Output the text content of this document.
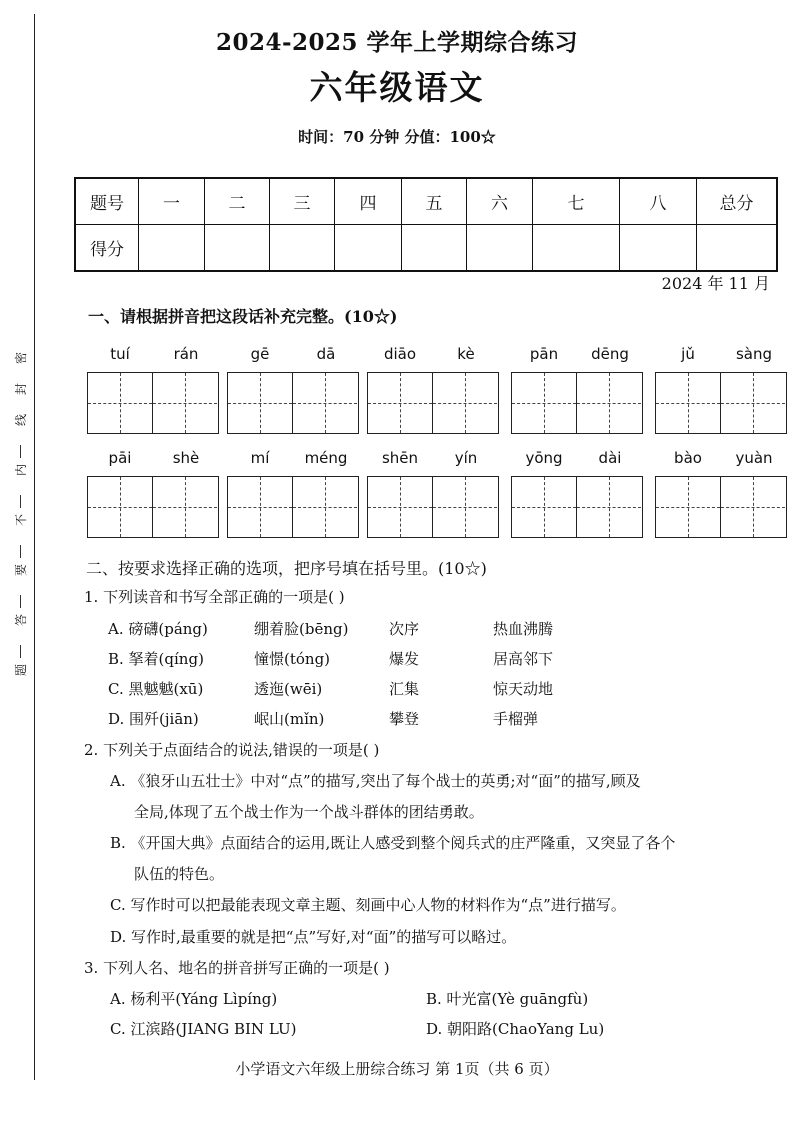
密
封
线
内
不
要
答
题
2024-2025 学年上学期综合练习
六年级语文
时间：70 分钟 分值：100☆
题号	一	二	三	四	五	六	七	八	总分
得分									
2024 年 11 月
一、请根据拼音把这段话补充完整。(10☆)
tuí	rán	gē	dā	diāo	kè	pān	dēng	jǔ	sàng
pāi	shè	mí	méng	shēn	yín	yōng	dài	bào	yuàn
二、按要求选择正确的选项，把序号填在括号里。(10☆)
1. 下列读音和书写全部正确的一项是( )
A. 磅礴(páng)	绷着脸(bēng)	次序	热血沸腾
B. 拏着(qíng)	憧憬(tóng)	爆发	居高邻下
C. 黑魆魆(xū)	透迤(wēi)	汇集	惊天动地
D. 围歼(jiān)	岷山(mǐn)	攀登	手榴弹
2. 下列关于点面结合的说法,错误的一项是( )
A. 《狼牙山五壮士》中对“点”的描写,突出了每个战士的英勇;对“面”的描写,顾及
全局,体现了五个战士作为一个战斗群体的团结勇敢。
B. 《开国大典》点面结合的运用,既让人感受到整个阅兵式的庄严隆重，又突显了各个
队伍的特色。
C. 写作时可以把最能表现文章主题、刻画中心人物的材料作为“点”进行描写。
D. 写作时,最重要的就是把“点”写好,对“面”的描写可以略过。
3. 下列人名、地名的拼音拼写正确的一项是( )
A. 杨利平(Yáng Lìpíng)	B. 叶光富(Yè guāngfù)
C. 江滨路(JIANG BIN LU)	D. 朝阳路(ChaoYang Lu)
小学语文六年级上册综合练习 第 1页（共 6 页）
